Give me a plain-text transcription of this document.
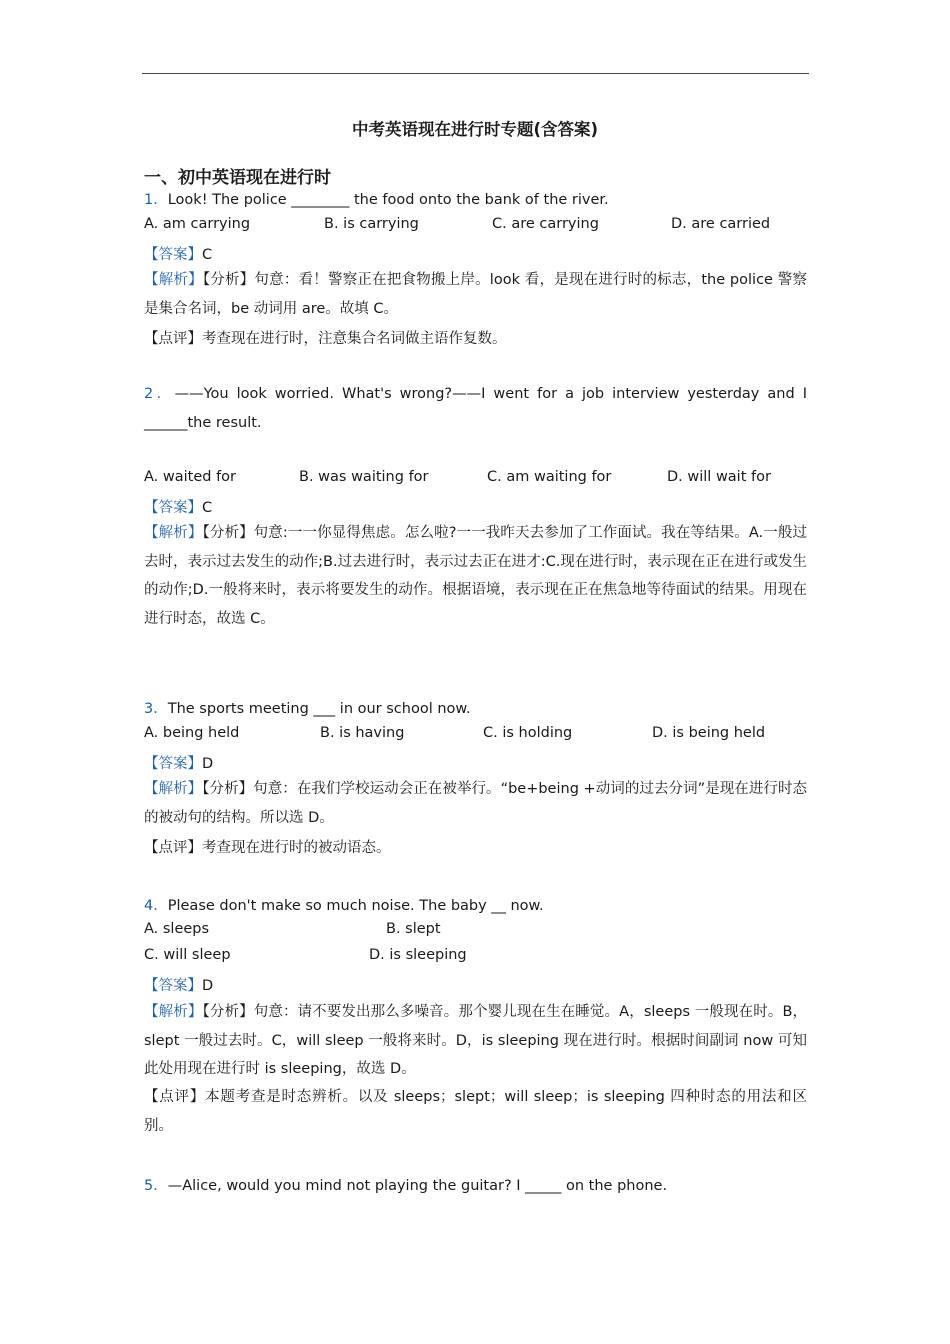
中考英语现在进行时专题(含答案)
一、初中英语现在进行时
1．Look! The police ________ the food onto the bank of the river.
A. am carrying	B. is carrying	C. are carrying	D. are carried
【答案】C
【解析】【分析】句意：看！警察正在把食物搬上岸。look 看，是现在进行时的标志，the police 警察是集合名词，be 动词用 are。故填 C。
【点评】考查现在进行时，注意集合名词做主语作复数。
2．——You look worried. What's wrong?——I went for a job interview yesterday and I
______the result.
A. waited for	B. was waiting for	C. am waiting for	D. will wait for
【答案】C
【解析】【分析】句意:一一你显得焦虑。怎么啦?一一我昨天去参加了工作面试。我在等结果。A.一般过去时，表示过去发生的动作;B.过去进行时，表示过去正在进才:C.现在进行时，表示现在正在进行或发生的动作;D.一般将来时，表示将要发生的动作。根据语境，表示现在正在焦急地等待面试的结果。用现在进行时态，故选 C。
3．The sports meeting ___ in our school now.
A. being held	B. is having	C. is holding	D. is being held
【答案】D
【解析】【分析】句意：在我们学校运动会正在被举行。“be+being +动词的过去分词”是现在进行时态的被动句的结构。所以选 D。
【点评】考查现在进行时的被动语态。
4．Please don't make so much noise. The baby __ now.
A. sleeps	B. slept
C. will sleep	D. is sleeping
【答案】D
【解析】【分析】句意：请不要发出那么多噪音。那个婴儿现在生在睡觉。A，sleeps 一般现在时。B，slept 一般过去时。C，will sleep 一般将来时。D，is sleeping 现在进行时。根据时间副词 now 可知此处用现在进行时 is sleeping，故选 D。
【点评】本题考查是时态辨析。以及 sleeps；slept；will sleep；is sleeping 四种时态的用法和区别。
5．—Alice, would you mind not playing the guitar? I _____ on the phone.
